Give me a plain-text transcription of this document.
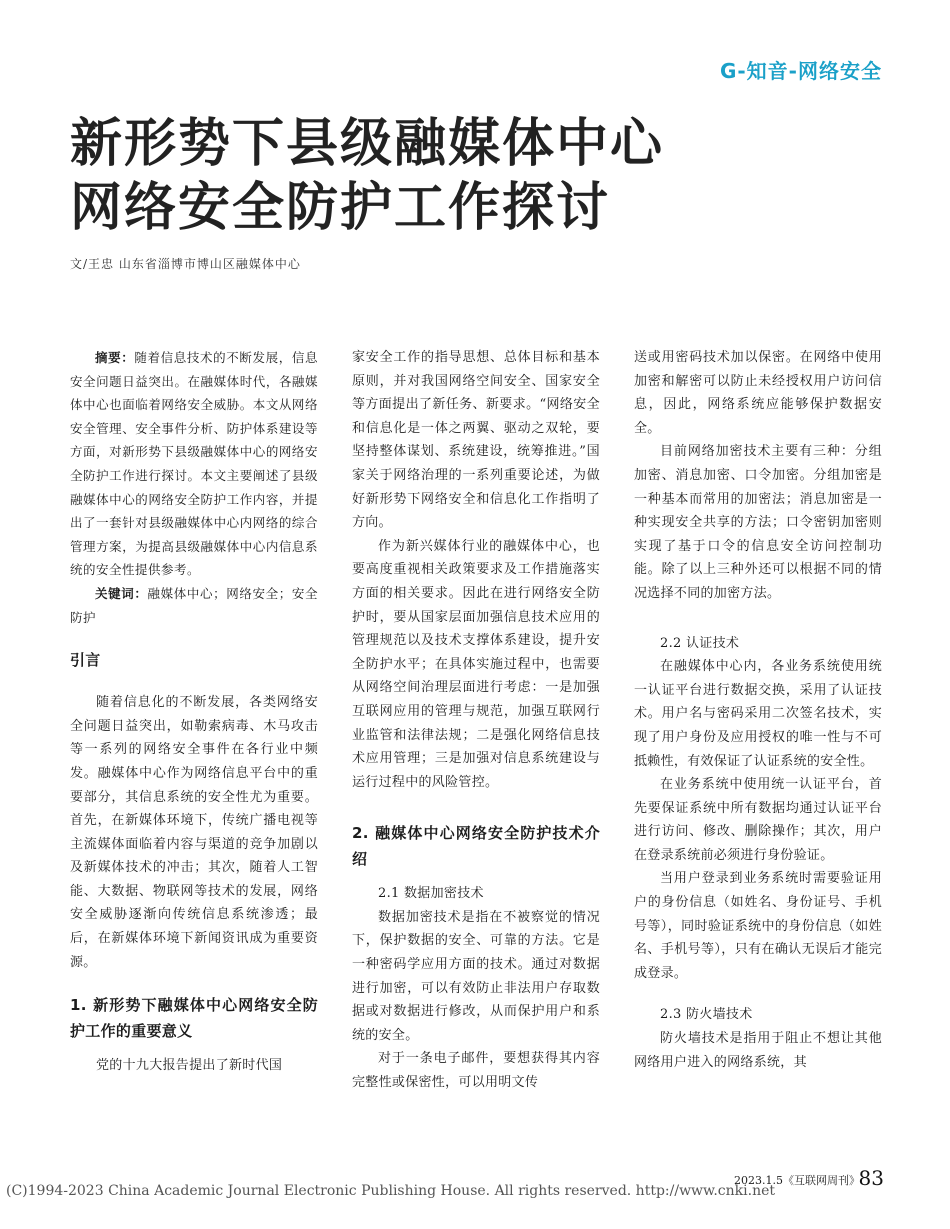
G-知音-网络安全
新形势下县级融媒体中心
网络安全防护工作探讨
文/王忠 山东省淄博市博山区融媒体中心

摘要：随着信息技术的不断发展，信息安全问题日益突出。在融媒体时代，各融媒体中心也面临着网络安全威胁。本文从网络安全管理、安全事件分析、防护体系建设等方面，对新形势下县级融媒体中心的网络安全防护工作进行探讨。本文主要阐述了县级融媒体中心的网络安全防护工作内容，并提出了一套针对县级融媒体中心内网络的综合管理方案，为提高县级融媒体中心内信息系统的安全性提供参考。

关键词：融媒体中心；网络安全；安全防护

引言

随着信息化的不断发展，各类网络安全问题日益突出，如勒索病毒、木马攻击等一系列的网络安全事件在各行业中频发。融媒体中心作为网络信息平台中的重要部分，其信息系统的安全性尤为重要。首先，在新媒体环境下，传统广播电视等主流媒体面临着内容与渠道的竞争加剧以及新媒体技术的冲击；其次，随着人工智能、大数据、物联网等技术的发展，网络安全威胁逐渐向传统信息系统渗透；最后，在新媒体环境下新闻资讯成为重要资源。

1. 新形势下融媒体中心网络安全防护工作的重要意义

党的十九大报告提出了新时代国

家安全工作的指导思想、总体目标和基本原则，并对我国网络空间安全、国家安全等方面提出了新任务、新要求。“网络安全和信息化是一体之两翼、驱动之双轮，要坚持整体谋划、系统建设，统筹推进。”国家关于网络治理的一系列重要论述，为做好新形势下网络安全和信息化工作指明了方向。

作为新兴媒体行业的融媒体中心，也要高度重视相关政策要求及工作措施落实方面的相关要求。因此在进行网络安全防护时，要从国家层面加强信息技术应用的管理规范以及技术支撑体系建设，提升安全防护水平；在具体实施过程中，也需要从网络空间治理层面进行考虑：一是加强互联网应用的管理与规范，加强互联网行业监管和法律法规；二是强化网络信息技术应用管理；三是加强对信息系统建设与运行过程中的风险管控。

2. 融媒体中心网络安全防护技术介绍

2.1 数据加密技术

数据加密技术是指在不被察觉的情况下，保护数据的安全、可靠的方法。它是一种密码学应用方面的技术。通过对数据进行加密，可以有效防止非法用户存取数据或对数据进行修改，从而保护用户和系统的安全。

对于一条电子邮件，要想获得其内容完整性或保密性，可以用明文传

送或用密码技术加以保密。在网络中使用加密和解密可以防止未经授权用户访问信息，因此，网络系统应能够保护数据安全。

目前网络加密技术主要有三种：分组加密、消息加密、口令加密。分组加密是一种基本而常用的加密法；消息加密是一种实现安全共享的方法；口令密钥加密则实现了基于口令的信息安全访问控制功能。除了以上三种外还可以根据不同的情况选择不同的加密方法。

2.2 认证技术

在融媒体中心内，各业务系统使用统一认证平台进行数据交换，采用了认证技术。用户名与密码采用二次签名技术，实现了用户身份及应用授权的唯一性与不可抵赖性，有效保证了认证系统的安全性。

在业务系统中使用统一认证平台，首先要保证系统中所有数据均通过认证平台进行访问、修改、删除操作；其次，用户在登录系统前必须进行身份验证。

当用户登录到业务系统时需要验证用户的身份信息（如姓名、身份证号、手机号等），同时验证系统中的身份信息（如姓名、手机号等），只有在确认无误后才能完成登录。

2.3 防火墙技术

防火墙技术是指用于阻止不想让其他网络用户进入的网络系统，其

2023.1.5《互联网周刊》
83
(C)1994-2023 China Academic Journal Electronic Publishing House. All rights reserved. http://www.cnki.net
